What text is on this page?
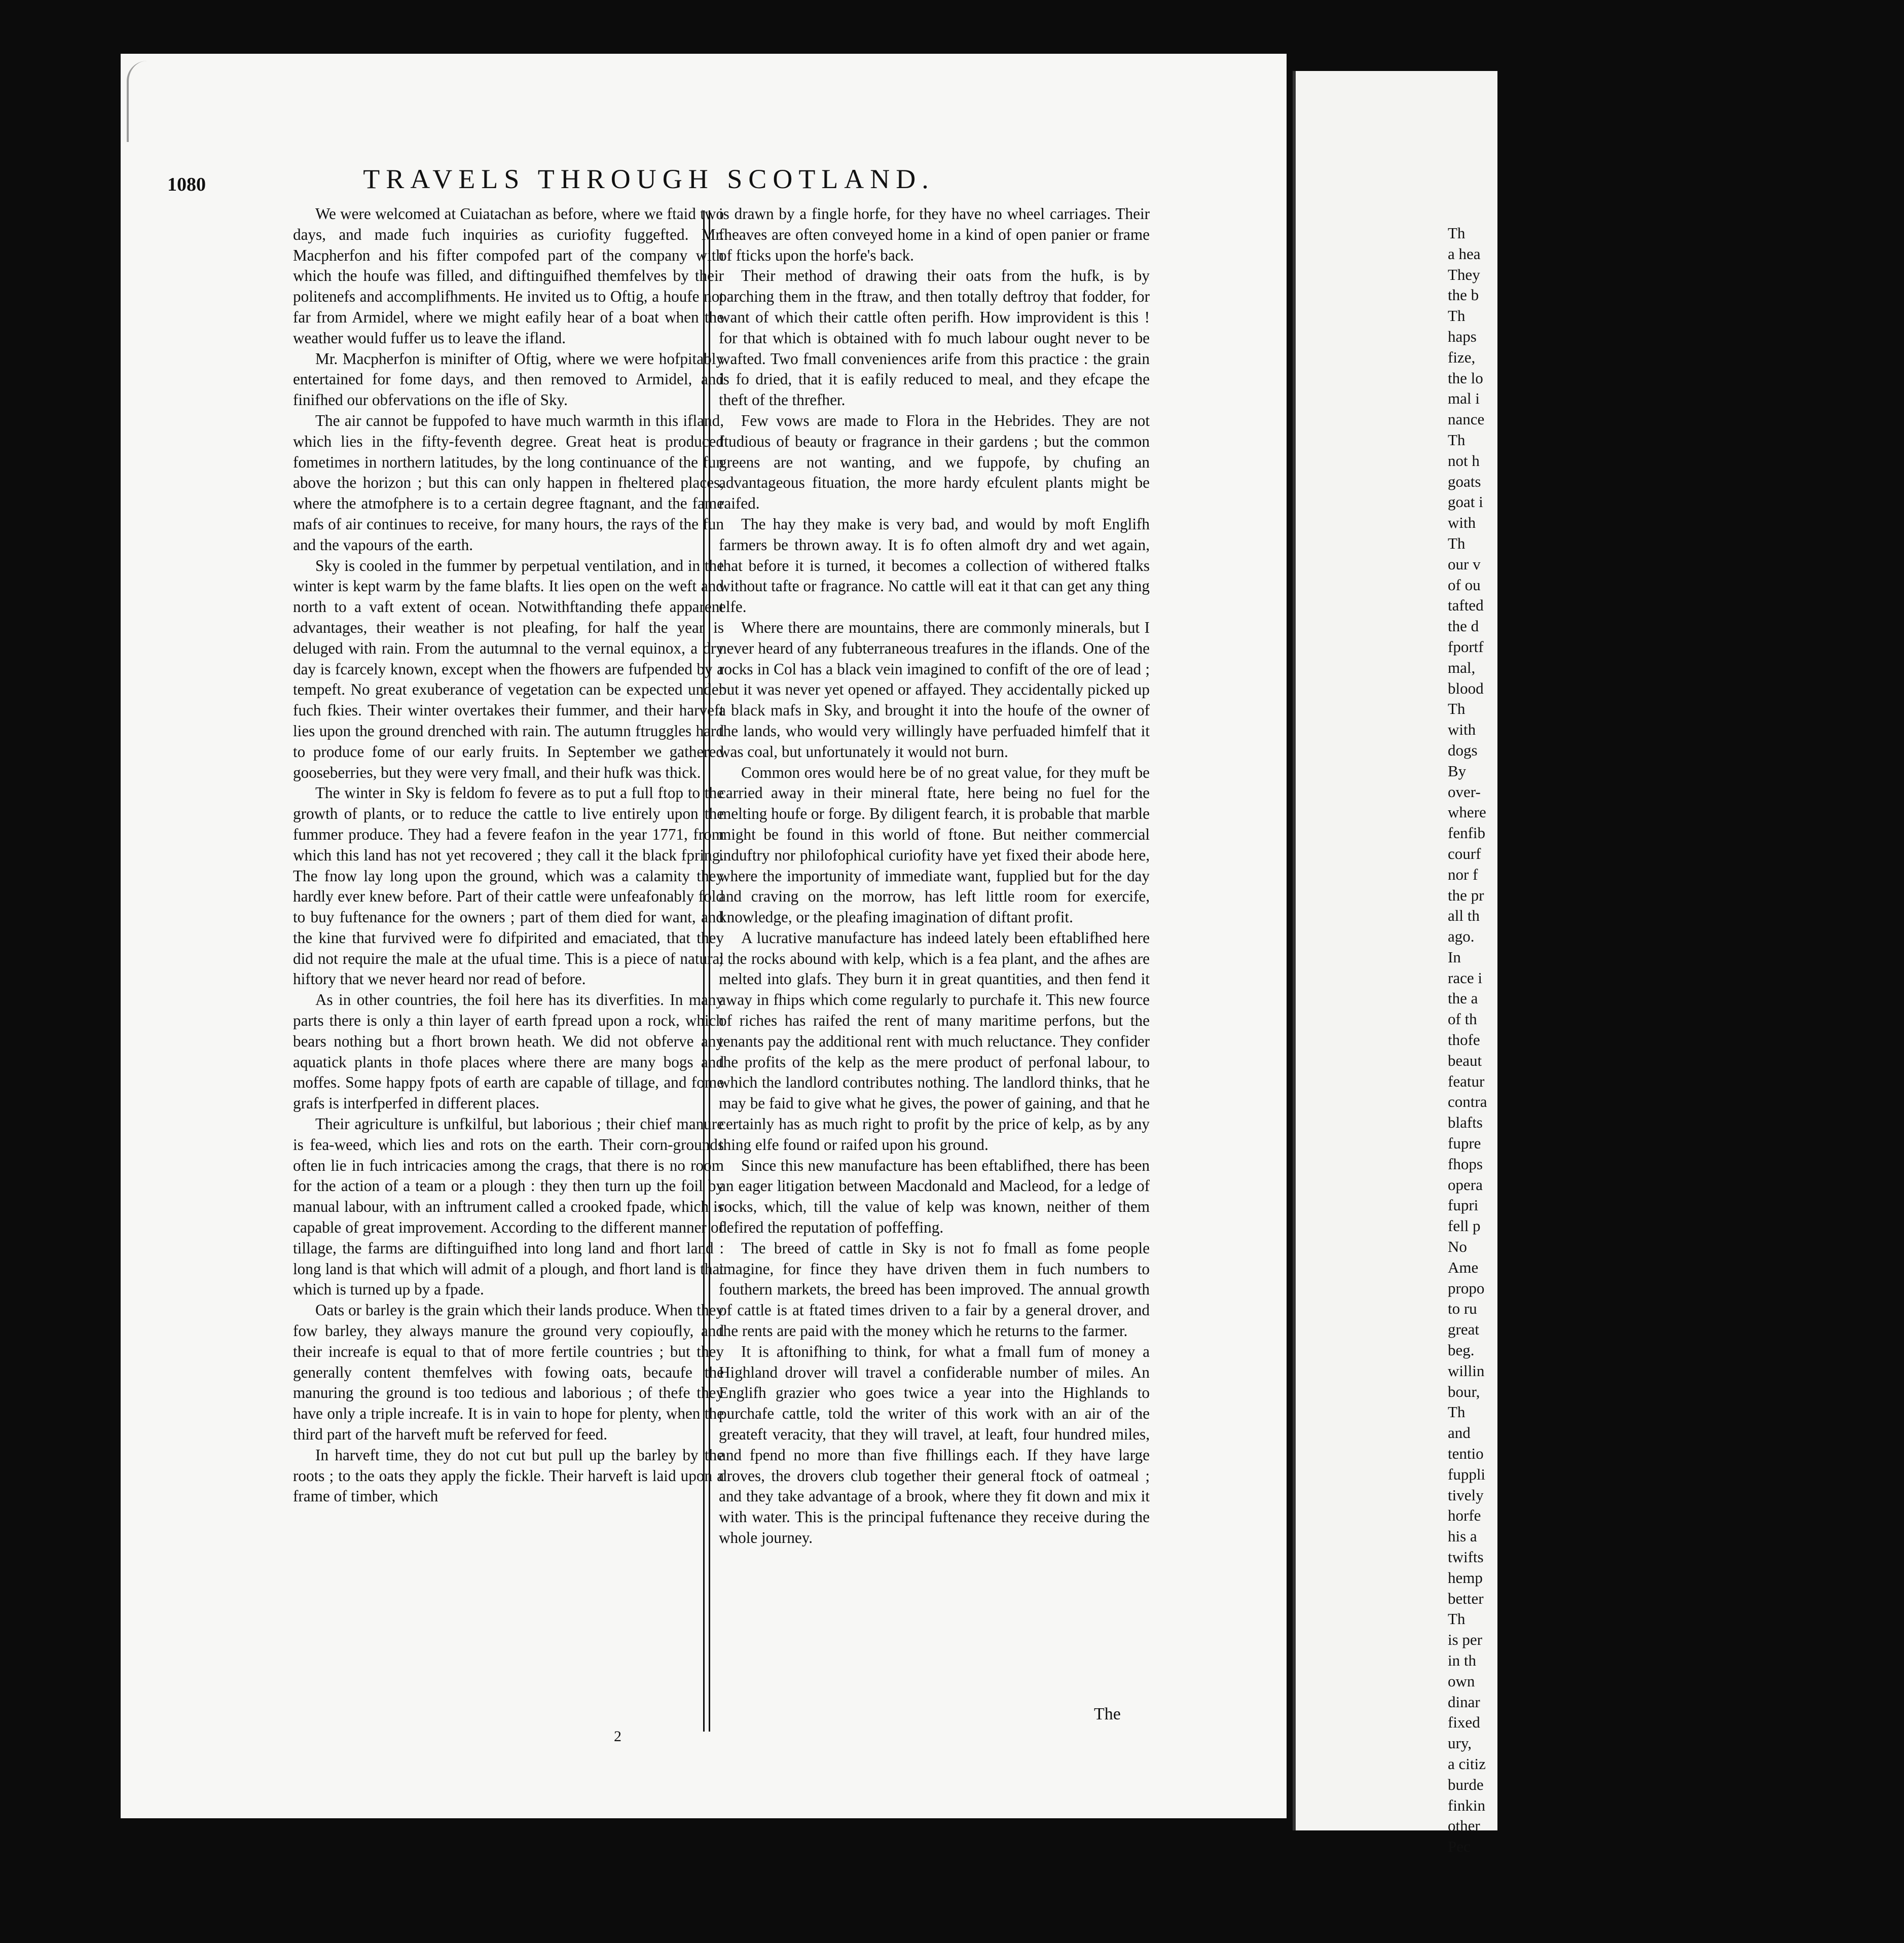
1080	TRAVELS THROUGH SCOTLAND.

We were welcomed at Cuiatachan as before, where we ftaid two days, and made fuch inquiries as curiofity fuggefted. Mr. Macpherfon and his fifter compofed part of the company with which the houfe was filled, and diftinguifhed themfelves by their politenefs and accomplifhments. He invited us to Oftig, a houfe not far from Armidel, where we might eafily hear of a boat when the weather would fuffer us to leave the ifland.

Mr. Macpherfon is minifter of Oftig, where we were hofpitably entertained for fome days, and then removed to Armidel, and finifhed our obfervations on the ifle of Sky.

The air cannot be fuppofed to have much warmth in this ifland, which lies in the fifty-feventh degree. Great heat is produced fometimes in northern latitudes, by the long continuance of the fun above the horizon ; but this can only happen in fheltered places, where the atmofphere is to a certain degree ftagnant, and the fame mafs of air continues to receive, for many hours, the rays of the fun and the vapours of the earth.

Sky is cooled in the fummer by perpetual ventilation, and in the winter is kept warm by the fame blafts. It lies open on the weft and north to a vaft extent of ocean. Notwithftanding thefe apparent advantages, their weather is not pleafing, for half the year is deluged with rain. From the autumnal to the vernal equinox, a dry day is fcarcely known, except when the fhowers are fufpended by a tempeft. No great exuberance of vegetation can be expected under fuch fkies. Their winter overtakes their fummer, and their harveft lies upon the ground drenched with rain. The autumn ftruggles hard to produce fome of our early fruits. In September we gathered gooseberries, but they were very fmall, and their hufk was thick.

The winter in Sky is feldom fo fevere as to put a full ftop to the growth of plants, or to reduce the cattle to live entirely upon the fummer produce. They had a fevere feafon in the year 1771, from which this land has not yet recovered ; they call it the black fpring. The fnow lay long upon the ground, which was a calamity they hardly ever knew before. Part of their cattle were unfeafonably fold to buy fuftenance for the owners ; part of them died for want, and the kine that furvived were fo difpirited and emaciated, that they did not require the male at the ufual time. This is a piece of natural hiftory that we never heard nor read of before.

As in other countries, the foil here has its diverfities. In many parts there is only a thin layer of earth fpread upon a rock, which bears nothing but a fhort brown heath. We did not obferve any aquatick plants in thofe places where there are many bogs and moffes. Some happy fpots of earth are capable of tillage, and fome grafs is interfperfed in different places.

Their agriculture is unfkilful, but laborious ; their chief manure is fea-weed, which lies and rots on the earth. Their corn-grounds often lie in fuch intricacies among the crags, that there is no room for the action of a team or a plough : they then turn up the foil by manual labour, with an inftrument called a crooked fpade, which is capable of great improvement. According to the different manner of tillage, the farms are diftinguifhed into long land and fhort land : long land is that which will admit of a plough, and fhort land is that which is turned up by a fpade.

Oats or barley is the grain which their lands produce. When they fow barley, they always manure the ground very copioufly, and their increafe is equal to that of more fertile countries ; but they generally content themfelves with fowing oats, becaufe the manuring the ground is too tedious and laborious ; of thefe they have only a triple increafe. It is in vain to hope for plenty, when the third part of the harveft muft be referved for feed.

In harveft time, they do not cut but pull up the barley by the roots ; to the oats they apply the fickle. Their harveft is laid upon a frame of timber, which

is drawn by a fingle horfe, for they have no wheel carriages. Their fheaves are often conveyed home in a kind of open panier or frame of fticks upon the horfe's back.

Their method of drawing their oats from the hufk, is by parching them in the ftraw, and then totally deftroy that fodder, for want of which their cattle often perifh. How improvident is this ! for that which is obtained with fo much labour ought never to be wafted. Two fmall conveniences arife from this practice : the grain is fo dried, that it is eafily reduced to meal, and they efcape the theft of the threfher.

Few vows are made to Flora in the Hebrides. They are not ftudious of beauty or fragrance in their gardens ; but the common greens are not wanting, and we fuppofe, by chufing an advantageous fituation, the more hardy efculent plants might be raifed.

The hay they make is very bad, and would by moft Englifh farmers be thrown away. It is fo often almoft dry and wet again, that before it is turned, it becomes a collection of withered ftalks without tafte or fragrance. No cattle will eat it that can get any thing elfe.

Where there are mountains, there are commonly minerals, but I never heard of any fubterraneous treafures in the iflands. One of the rocks in Col has a black vein imagined to confift of the ore of lead ; but it was never yet opened or affayed. They accidentally picked up a black mafs in Sky, and brought it into the houfe of the owner of the lands, who would very willingly have perfuaded himfelf that it was coal, but unfortunately it would not burn.

Common ores would here be of no great value, for they muft be carried away in their mineral ftate, here being no fuel for the melting houfe or forge. By diligent fearch, it is probable that marble might be found in this world of ftone. But neither commercial induftry nor philofophical curiofity have yet fixed their abode here, where the importunity of immediate want, fupplied but for the day and craving on the morrow, has left little room for exercife, knowledge, or the pleafing imagination of diftant profit.

A lucrative manufacture has indeed lately been eftablifhed here ; the rocks abound with kelp, which is a fea plant, and the afhes are melted into glafs. They burn it in great quantities, and then fend it away in fhips which come regularly to purchafe it. This new fource of riches has raifed the rent of many maritime perfons, but the tenants pay the additional rent with much reluctance. They confider the profits of the kelp as the mere product of perfonal labour, to which the landlord contributes nothing. The landlord thinks, that he may be faid to give what he gives, the power of gaining, and that he certainly has as much right to profit by the price of kelp, as by any thing elfe found or raifed upon his ground.

Since this new manufacture has been eftablifhed, there has been an eager litigation between Macdonald and Macleod, for a ledge of rocks, which, till the value of kelp was known, neither of them defired the reputation of poffeffing.

The breed of cattle in Sky is not fo fmall as fome people imagine, for fince they have driven them in fuch numbers to fouthern markets, the breed has been improved. The annual growth of cattle is at ftated times driven to a fair by a general drover, and the rents are paid with the money which he returns to the farmer.

It is aftonifhing to think, for what a fmall fum of money a Highland drover will travel a confiderable number of miles. An Englifh grazier who goes twice a year into the Highlands to purchafe cattle, told the writer of this work with an air of the greateft veracity, that they will travel, at leaft, four hundred miles, and fpend no more than five fhillings each. If they have large droves, the drovers club together their general ftock of oatmeal ; and they take advantage of a brook, where they fit down and mix it with water. This is the principal fuftenance they receive during the whole journey.

The
2
Th
a hea
They
the b
Th
haps
fize,
the lo
mal i
nance
Th
not h
goats
goat i
with
Th
our v
of ou
tafted
the d
fportf
mal,
blood
Th
with
dogs
By
over-
where
fenfib
courf
nor f
the pr
all th
ago.
In
race i
the a
of th
thofe
beaut
featur
contra
blafts
fupre
fhops
opera
fupri
fell p
No
Ame
propo
to ru
great
beg.
willin
bour,
Th
and
tentio
fuppli
tively
horfe
his a
twifts
hemp
better
Th
is per
in th
own
dinar
fixed
ury,
a citiz
burde
finkin
other
Pec
